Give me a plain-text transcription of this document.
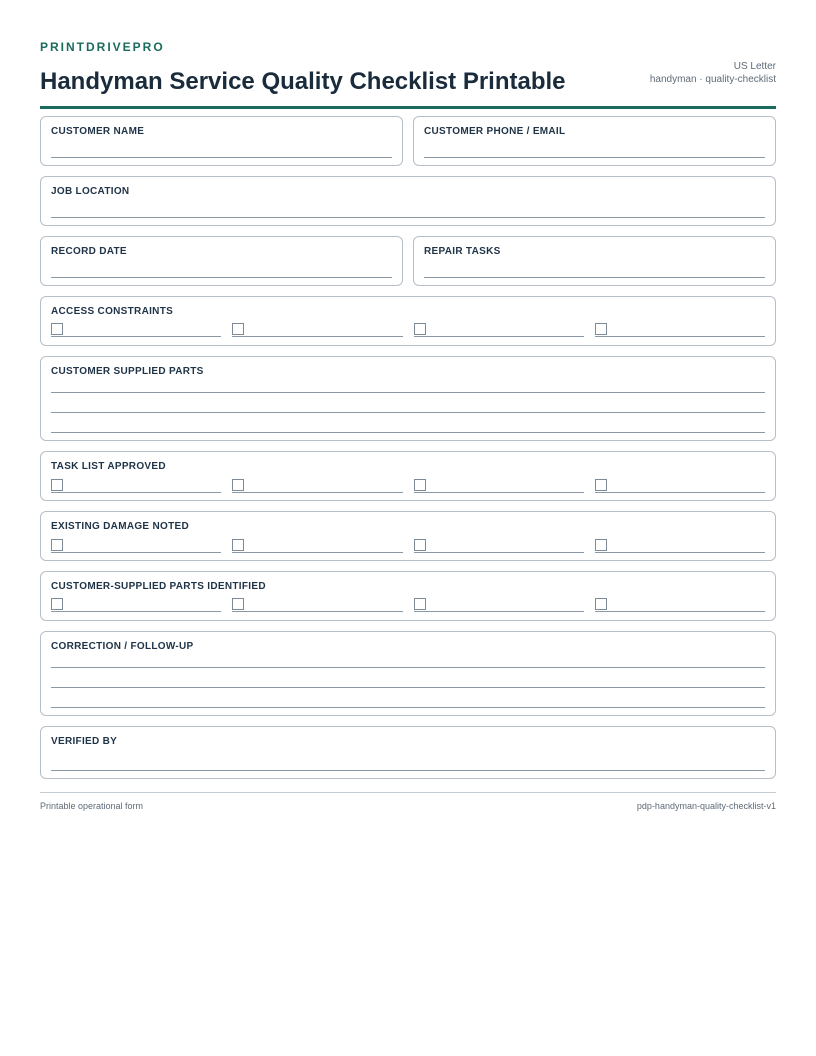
PRINTDRIVEPRO
Handyman Service Quality Checklist Printable
US Letter
handyman · quality-checklist
CUSTOMER NAME	CUSTOMER PHONE / EMAIL
JOB LOCATION
RECORD DATE	REPAIR TASKS
ACCESS CONSTRAINTS
CUSTOMER SUPPLIED PARTS
TASK LIST APPROVED
EXISTING DAMAGE NOTED
CUSTOMER-SUPPLIED PARTS IDENTIFIED
CORRECTION / FOLLOW-UP
VERIFIED BY
Printable operational form	pdp-handyman-quality-checklist-v1
